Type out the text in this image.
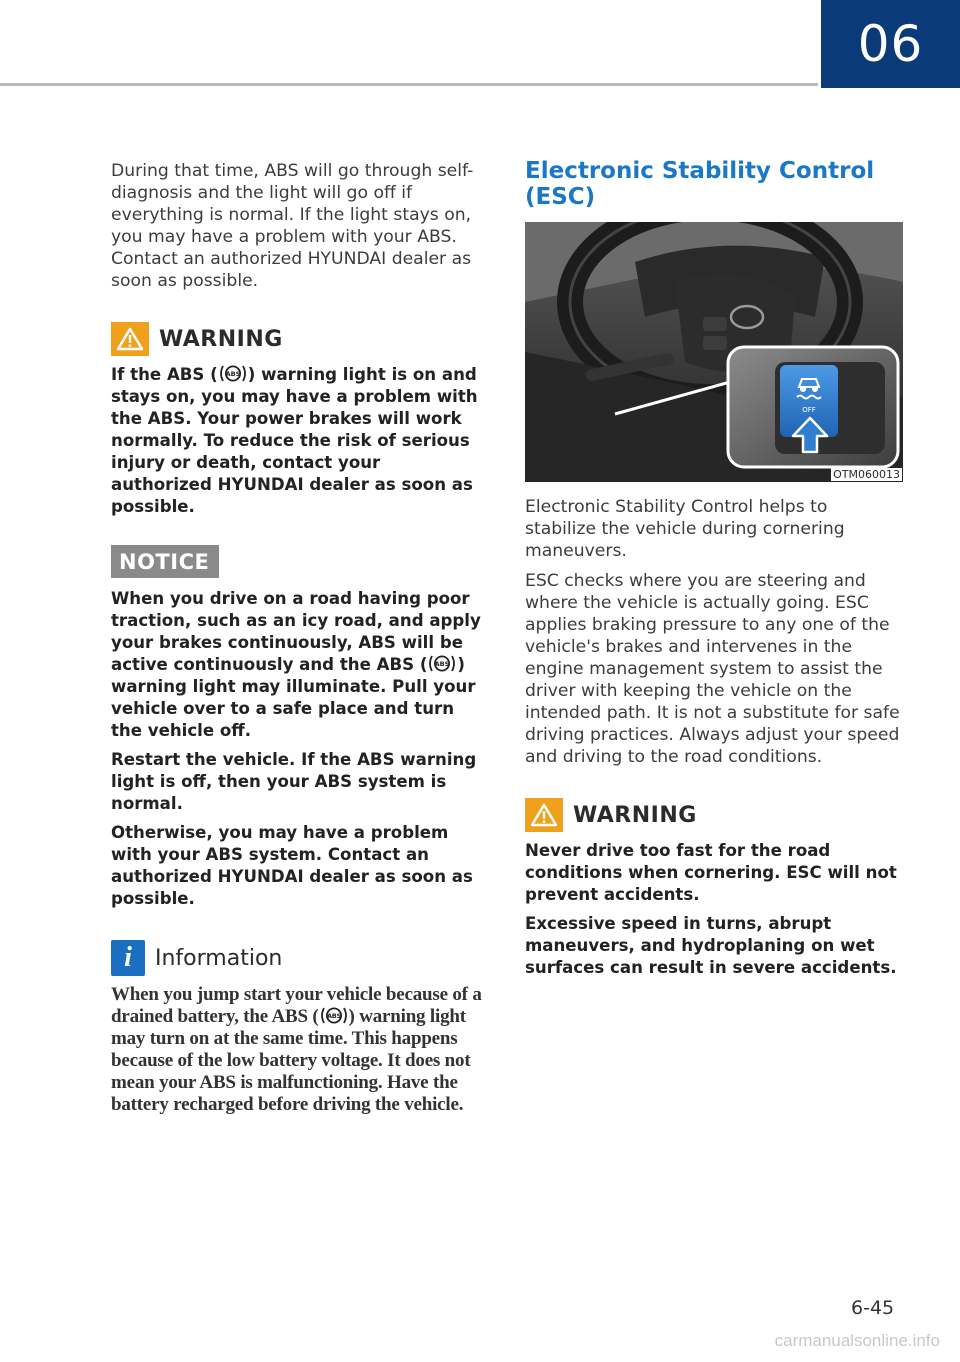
06

During that time, ABS will go through self-diagnosis and the light will go off if everything is normal. If the light stays on, you may have a problem with your ABS. Contact an authorized HYUNDAI dealer as soon as possible.

WARNING

If the ABS ( ABS ) warning light is on and stays on, you may have a problem with the ABS. Your power brakes will work normally. To reduce the risk of serious injury or death, contact your authorized HYUNDAI dealer as soon as possible.

NOTICE

When you drive on a road having poor traction, such as an icy road, and apply your brakes continuously, ABS will be active continuously and the ABS ( ABS ) warning light may illuminate. Pull your vehicle over to a safe place and turn the vehicle off.

Restart the vehicle. If the ABS warning light is off, then your ABS system is normal.

Otherwise, you may have a problem with your ABS system. Contact an authorized HYUNDAI dealer as soon as possible.

i	Information

When you jump start your vehicle because of a drained battery, the ABS ( ABS ) warning light may turn on at the same time. This happens because of the low battery voltage. It does not mean your ABS is malfunctioning. Have the battery recharged before driving the vehicle.

Electronic Stability Control (ESC)
OFF
OTM060013

Electronic Stability Control helps to stabilize the vehicle during cornering maneuvers.

ESC checks where you are steering and where the vehicle is actually going. ESC applies braking pressure to any one of the vehicle's brakes and intervenes in the engine management system to assist the driver with keeping the vehicle on the intended path. It is not a substitute for safe driving practices. Always adjust your speed and driving to the road conditions.

WARNING

Never drive too fast for the road conditions when cornering. ESC will not prevent accidents.

Excessive speed in turns, abrupt maneuvers, and hydroplaning on wet surfaces can result in severe accidents.

6-45
carmanualsonline.info
